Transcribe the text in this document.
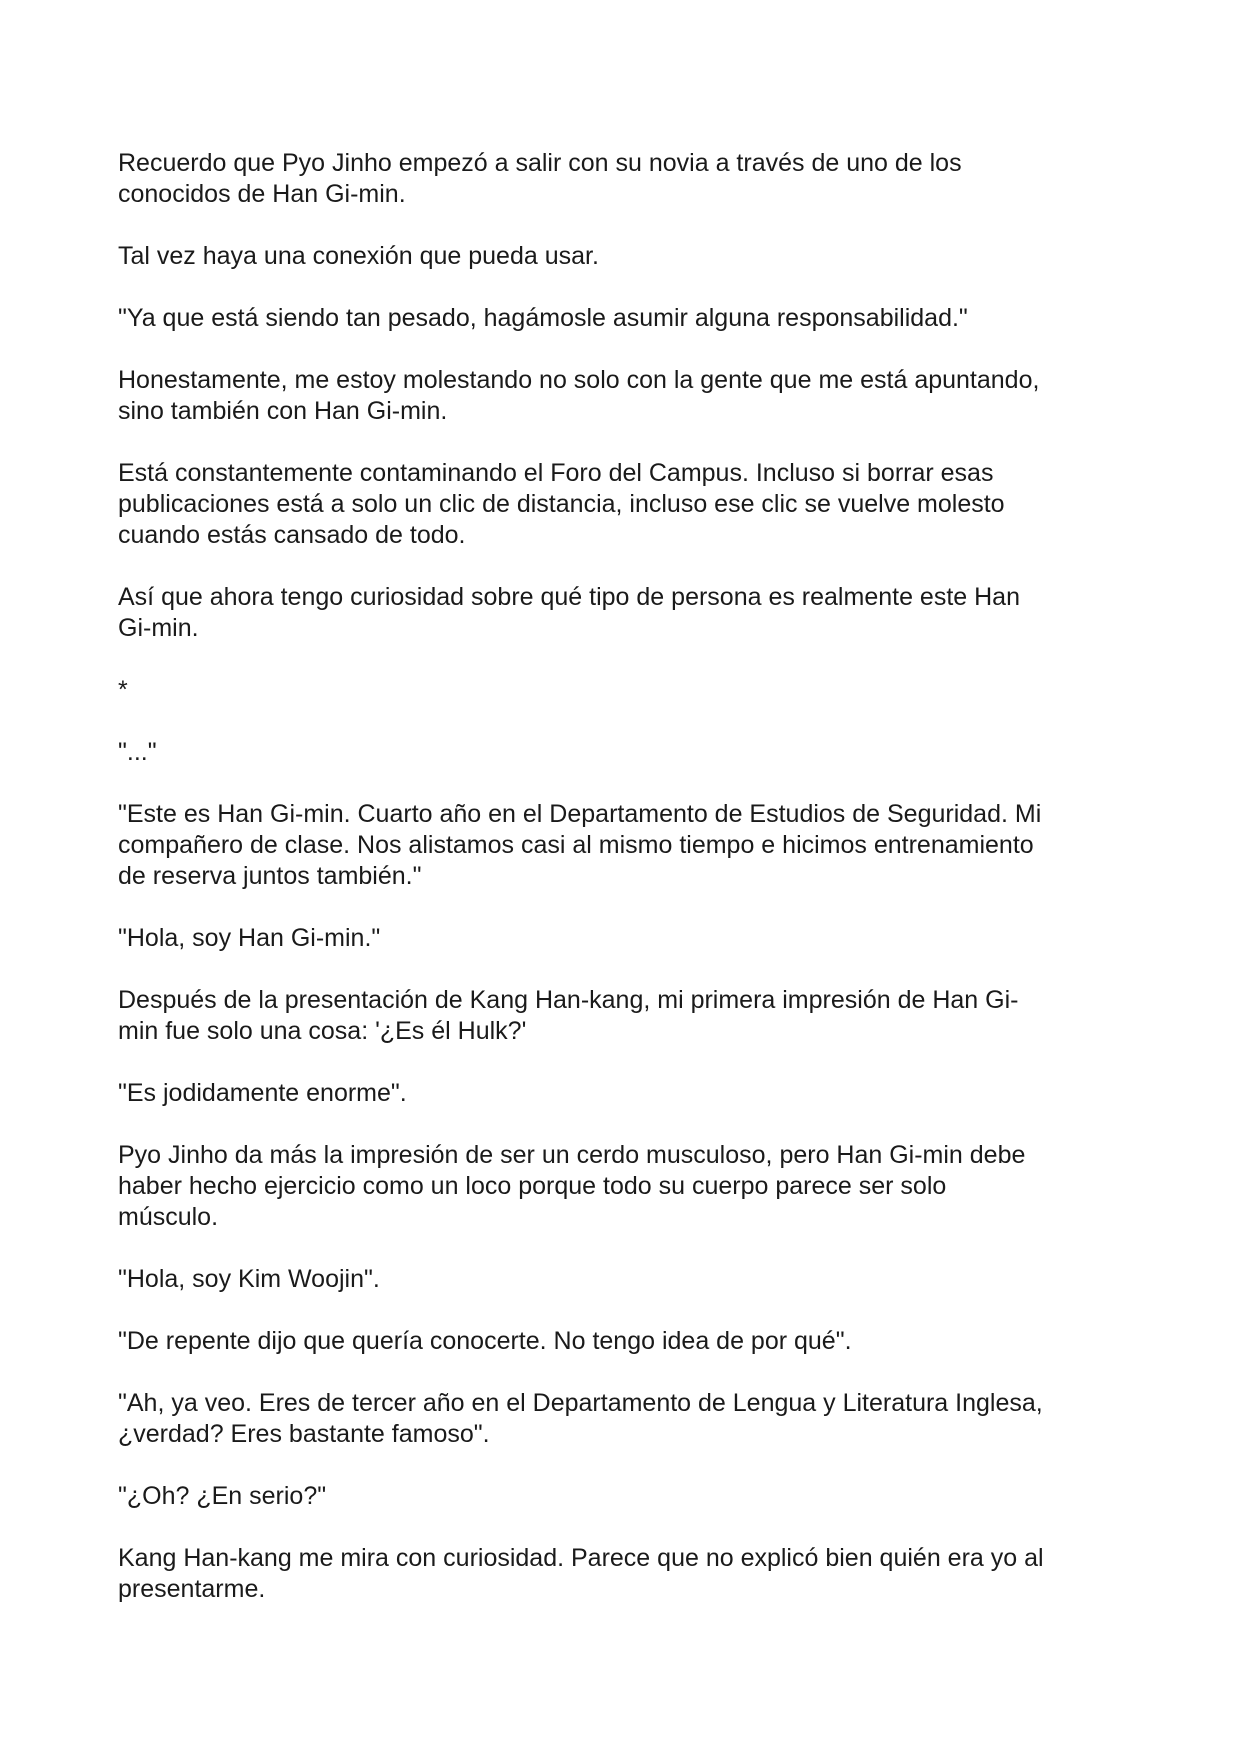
Recuerdo que Pyo Jinho empezó a salir con su novia a través de uno de los
conocidos de Han Gi-min.

Tal vez haya una conexión que pueda usar.

"Ya que está siendo tan pesado, hagámosle asumir alguna responsabilidad."

Honestamente, me estoy molestando no solo con la gente que me está apuntando,
sino también con Han Gi-min.

Está constantemente contaminando el Foro del Campus. Incluso si borrar esas
publicaciones está a solo un clic de distancia, incluso ese clic se vuelve molesto
cuando estás cansado de todo.

Así que ahora tengo curiosidad sobre qué tipo de persona es realmente este Han
Gi-min.

*

"..."

"Este es Han Gi-min. Cuarto año en el Departamento de Estudios de Seguridad. Mi
compañero de clase. Nos alistamos casi al mismo tiempo e hicimos entrenamiento
de reserva juntos también."

"Hola, soy Han Gi-min."

Después de la presentación de Kang Han-kang, mi primera impresión de Han Gi-
min fue solo una cosa: '¿Es él Hulk?'

"Es jodidamente enorme".

Pyo Jinho da más la impresión de ser un cerdo musculoso, pero Han Gi-min debe
haber hecho ejercicio como un loco porque todo su cuerpo parece ser solo
músculo.

"Hola, soy Kim Woojin".

"De repente dijo que quería conocerte. No tengo idea de por qué".

"Ah, ya veo. Eres de tercer año en el Departamento de Lengua y Literatura Inglesa,
¿verdad? Eres bastante famoso".

"¿Oh? ¿En serio?"

Kang Han-kang me mira con curiosidad. Parece que no explicó bien quién era yo al
presentarme.
